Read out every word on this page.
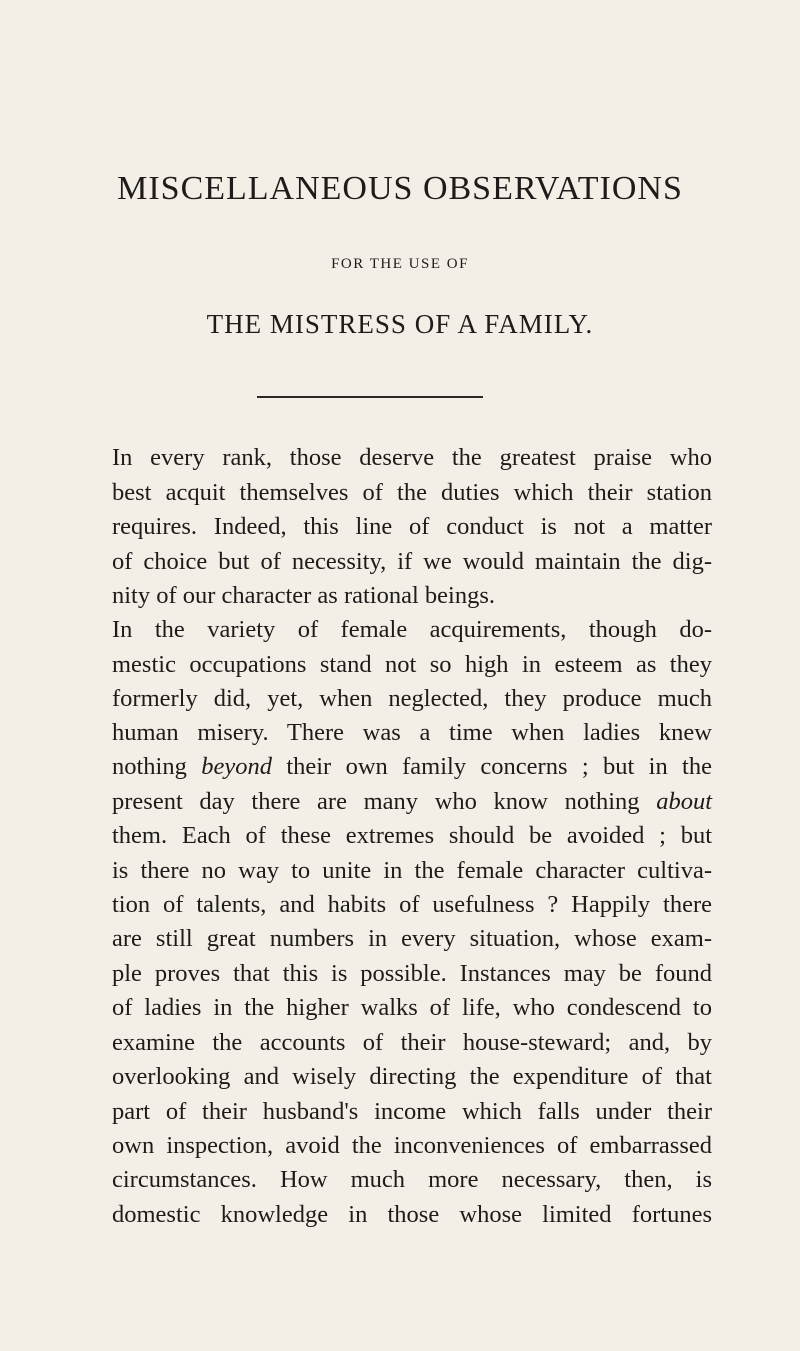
MISCELLANEOUS OBSERVATIONS
FOR THE USE OF
THE MISTRESS OF A FAMILY.
In every rank, those deserve the greatest praise who
best acquit themselves of the duties which their station
requires. Indeed, this line of conduct is not a matter
of choice but of necessity, if we would maintain the dig-
nity of our character as rational beings.
In the variety of female acquirements, though do-
mestic occupations stand not so high in esteem as they
formerly did, yet, when neglected, they produce much
human misery. There was a time when ladies knew
nothing beyond their own family concerns ; but in the
present day there are many who know nothing about
them. Each of these extremes should be avoided ; but
is there no way to unite in the female character cultiva-
tion of talents, and habits of usefulness ? Happily there
are still great numbers in every situation, whose exam-
ple proves that this is possible. Instances may be found
of ladies in the higher walks of life, who condescend to
examine the accounts of their house-steward; and, by
overlooking and wisely directing the expenditure of that
part of their husband's income which falls under their
own inspection, avoid the inconveniences of embarrassed
circumstances. How much more necessary, then, is
domestic knowledge in those whose limited fortunes
